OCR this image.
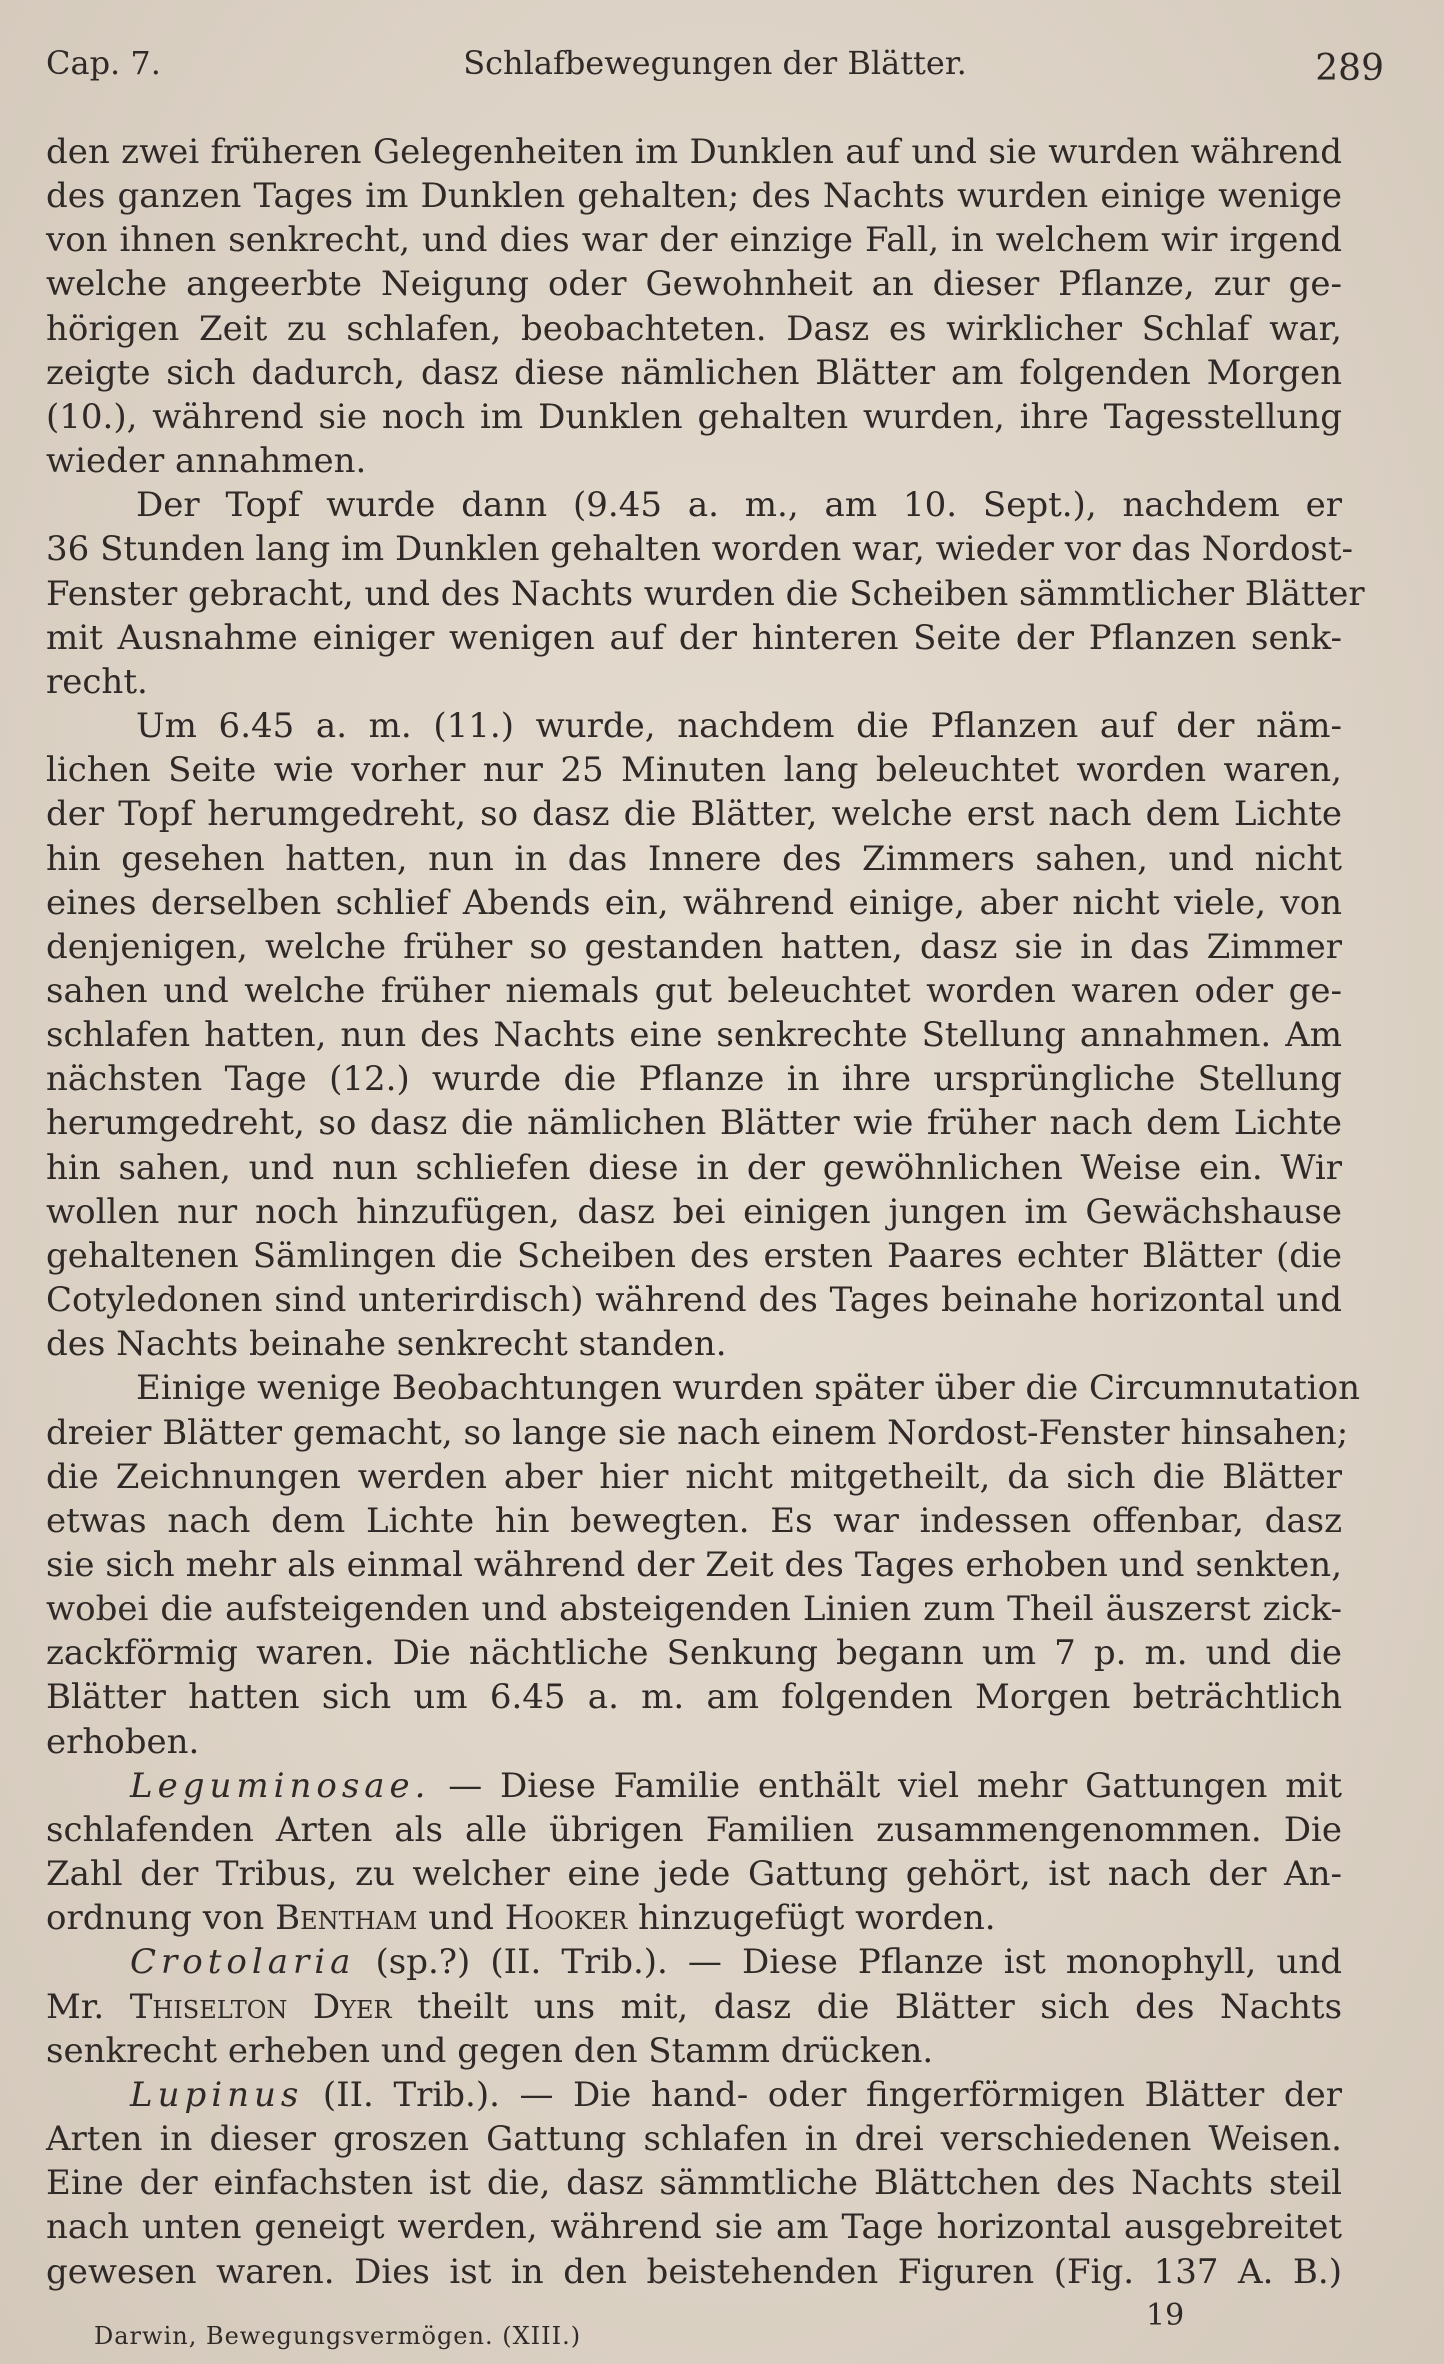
Cap. 7.	Schlafbewegungen der Blätter.	289

den zwei früheren Gelegenheiten im Dunklen auf und sie wurden während
des ganzen Tages im Dunklen gehalten; des Nachts wurden einige wenige
von ihnen senkrecht, und dies war der einzige Fall, in welchem wir irgend
welche angeerbte Neigung oder Gewohnheit an dieser Pflanze, zur ge-
hörigen Zeit zu schlafen, beobachteten. Dasz es wirklicher Schlaf war,
zeigte sich dadurch, dasz diese nämlichen Blätter am folgenden Morgen
(10.), während sie noch im Dunklen gehalten wurden, ihre Tagesstellung
wieder annahmen.

Der Topf wurde dann (9.45 a. m., am 10. Sept.), nachdem er
36 Stunden lang im Dunklen gehalten worden war, wieder vor das Nordost-
Fenster gebracht, und des Nachts wurden die Scheiben sämmtlicher Blätter
mit Ausnahme einiger wenigen auf der hinteren Seite der Pflanzen senk-
recht.

Um 6.45 a. m. (11.) wurde, nachdem die Pflanzen auf der näm-
lichen Seite wie vorher nur 25 Minuten lang beleuchtet worden waren,
der Topf herumgedreht, so dasz die Blätter, welche erst nach dem Lichte
hin gesehen hatten, nun in das Innere des Zimmers sahen, und nicht
eines derselben schlief Abends ein, während einige, aber nicht viele, von
denjenigen, welche früher so gestanden hatten, dasz sie in das Zimmer
sahen und welche früher niemals gut beleuchtet worden waren oder ge-
schlafen hatten, nun des Nachts eine senkrechte Stellung annahmen. Am
nächsten Tage (12.) wurde die Pflanze in ihre ursprüngliche Stellung
herumgedreht, so dasz die nämlichen Blätter wie früher nach dem Lichte
hin sahen, und nun schliefen diese in der gewöhnlichen Weise ein. Wir
wollen nur noch hinzufügen, dasz bei einigen jungen im Gewächshause
gehaltenen Sämlingen die Scheiben des ersten Paares echter Blätter (die
Cotyledonen sind unterirdisch) während des Tages beinahe horizontal und
des Nachts beinahe senkrecht standen.

Einige wenige Beobachtungen wurden später über die Circumnutation
dreier Blätter gemacht, so lange sie nach einem Nordost-Fenster hinsahen;
die Zeichnungen werden aber hier nicht mitgetheilt, da sich die Blätter
etwas nach dem Lichte hin bewegten. Es war indessen offenbar, dasz
sie sich mehr als einmal während der Zeit des Tages erhoben und senkten,
wobei die aufsteigenden und absteigenden Linien zum Theil äuszerst zick-
zackförmig waren. Die nächtliche Senkung begann um 7 p. m. und die
Blätter hatten sich um 6.45 a. m. am folgenden Morgen beträchtlich
erhoben.

Leguminosae. — Diese Familie enthält viel mehr Gattungen mit
schlafenden Arten als alle übrigen Familien zusammengenommen. Die
Zahl der Tribus, zu welcher eine jede Gattung gehört, ist nach der An-
ordnung von Bentham und Hooker hinzugefügt worden.

Crotolaria (sp.?) (II. Trib.). — Diese Pflanze ist monophyll, und
Mr. Thiselton Dyer theilt uns mit, dasz die Blätter sich des Nachts
senkrecht erheben und gegen den Stamm drücken.

Lupinus (II. Trib.). — Die hand- oder fingerförmigen Blätter der
Arten in dieser groszen Gattung schlafen in drei verschiedenen Weisen.
Eine der einfachsten ist die, dasz sämmtliche Blättchen des Nachts steil
nach unten geneigt werden, während sie am Tage horizontal ausgebreitet
gewesen waren. Dies ist in den beistehenden Figuren (Fig. 137 A. B.)

Darwin, Bewegungsvermögen. (XIII.)
19
